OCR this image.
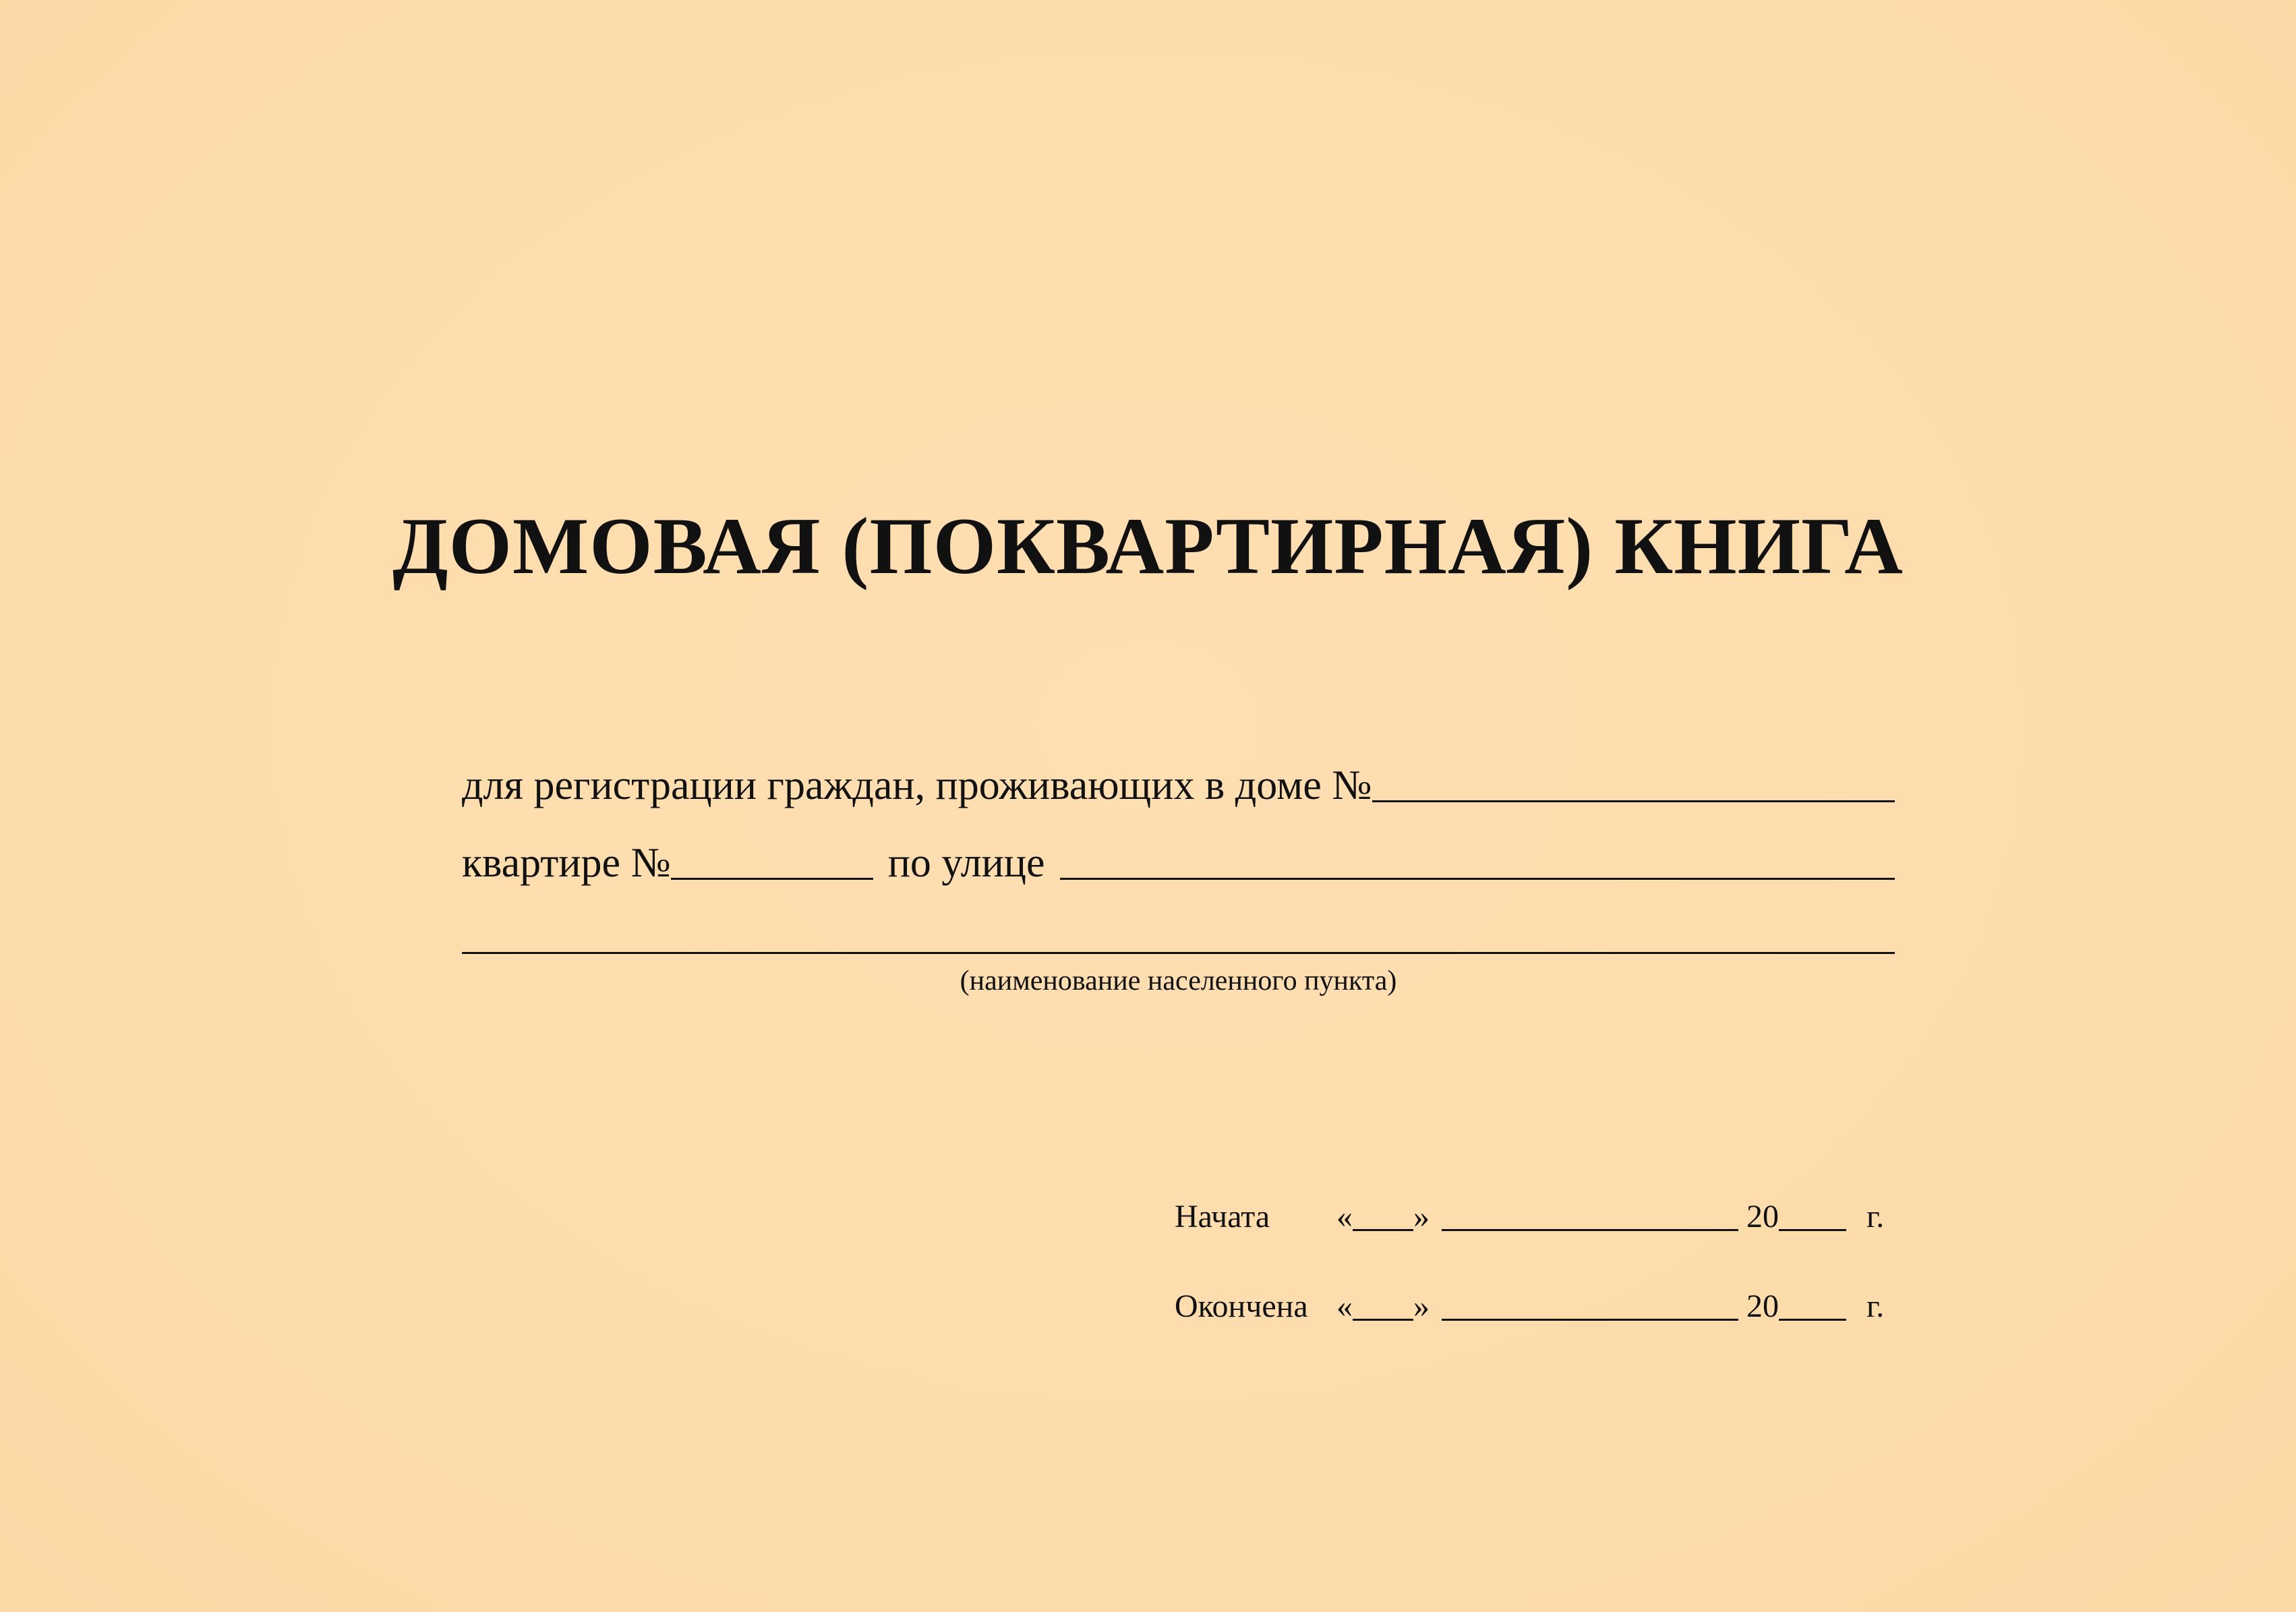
ДОМОВАЯ (ПОКВАРТИРНАЯ) КНИГА
для регистрации граждан, проживающих в доме №
квартире №	по улице
(наименование населенного пункта)
Начата	« »	20	г.
Окончена « »	20	г.
